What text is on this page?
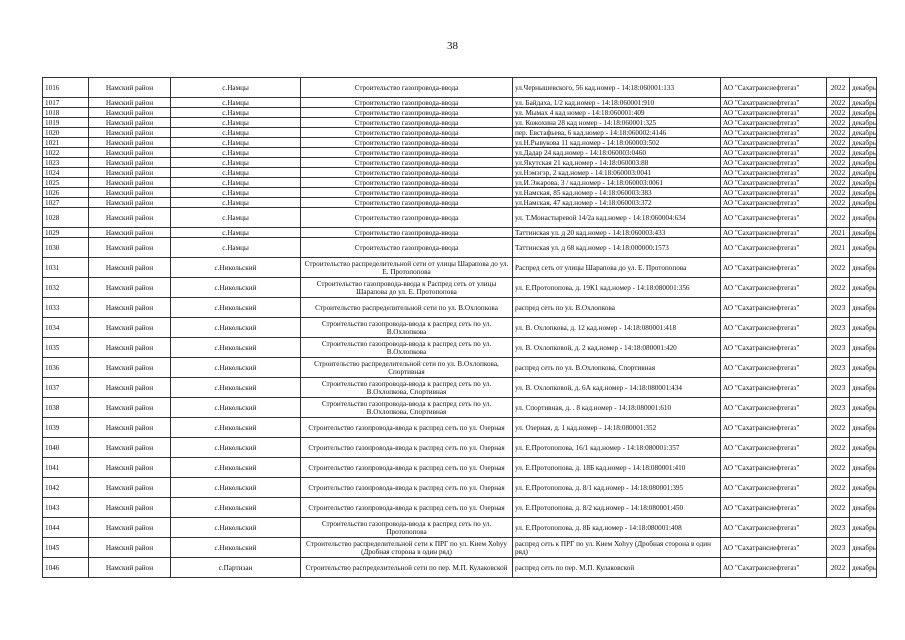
38
1016	Намский район	с.Намцы	Строительство газопровода-ввода	ул.Чернышевского, 56 кад.номер - 14:18:060001:133	АО "Сахатранснефтегаз"	2022	декабрь
1017	Намский район	с.Намцы	Строительство газопровода-ввода	ул. Байдаха, 1/2 кад.номер - 14:18:060001:910	АО "Сахатранснефтегаз"	2022	декабрь
1018	Намский район	с.Намцы	Строительство газопровода-ввода	ул. Мымах 4 кад номер - 14:18:060001:409	АО "Сахатранснефтегаз"	2022	декабрь
1019	Намский район	с.Намцы	Строительство газопровода-ввода	ул. Кожохина 28 кад номер - 14:18:060001:325	АО "Сахатранснефтегаз"	2022	декабрь
1020	Намский район	с.Намцы	Строительство газопровода-ввода	пер. Евстафьева, 6 кад.номер - 14:18:060002:4146	АО "Сахатранснефтегаз"	2022	декабрь
1021	Намский район	с.Намцы	Строительство газопровода-ввода	ул.Н.Рывукова 11 кад.номер - 14:18:060003:502	АО "Сахатранснефтегаз"	2022	декабрь
1022	Намский район	с.Намцы	Строительство газопровода-ввода	ул.Дадар 24 кад.номер - 14:18:060003:0460	АО "Сахатранснефтегаз"	2022	декабрь
1023	Намский район	с.Намцы	Строительство газопровода-ввода	ул.Якутская 21 кад.номер - 14:18:060003:88	АО "Сахатранснефтегаз"	2022	декабрь
1024	Намский район	с.Намцы	Строительство газопровода-ввода	ул.Нэмэгэр, 2 кад.номер - 14:18:060003:0041	АО "Сахатранснефтегаз"	2022	декабрь
1025	Намский район	с.Намцы	Строительство газопровода-ввода	ул.И.Эжарова, 3 / кад.номер - 14:18:060003:0061	АО "Сахатранснефтегаз"	2022	декабрь
1026	Намский район	с.Намцы	Строительство газопровода-ввода	ул.Намская, 85 кад.номер - 14:18:060003:383	АО "Сахатранснефтегаз"	2022	декабрь
1027	Намский район	с.Намцы	Строительство газопровода-ввода	ул.Намская, 47 кад.номер - 14:18:060003:372	АО "Сахатранснефтегаз"	2022	декабрь
1028	Намский район	с.Намцы	Строительство газопровода-ввода	ул. Т.Монастыревой 14/2а кад.номер - 14:18:060004:634	АО "Сахатранснефтегаз"	2022	декабрь
1029	Намский район	с.Намцы	Строительство газопровода-ввода	Таттинская ул. д 20 кад.номер - 14:18:060003:433	АО "Сахатранснефтегаз"	2021	декабрь
1030	Намский район	с.Намцы	Строительство газопровода-ввода	Таттинская ул. д 68 кад.номер - 14:18:000000:1573	АО "Сахатранснефтегаз"	2021	декабрь
1031	Намский район	с.Никольский	Строительство распределительной сети от улицы Шарапова до ул. Е. Протопопова	Распред сеть от улицы Шарапова до ул. Е. Протопопова	АО "Сахатранснефтегаз"	2022	декабрь
1032	Намский район	с.Никольский	Строительство газопровода-ввода к Распред сеть от улицы Шарапова до ул. Е. Протопопова	ул. Е.Протопопова, д. 19К1 кад.номер - 14:18:080001:356	АО "Сахатранснефтегаз"	2022	декабрь
1033	Намский район	с.Никольский	Строительство распределительной сети по ул. В.Охлопкова	распред сеть по ул. В.Охлопкова	АО "Сахатранснефтегаз"	2023	декабрь
1034	Намский район	с.Никольский	Строительство газопровода-ввода к распред сеть по ул. В.Охлопкова	ул. В. Охлопкова, д. 12 кад.номер - 14:18:080001:418	АО "Сахатранснефтегаз"	2023	декабрь
1035	Намский район	с.Никольский	Строительство газопровода-ввода к распред сеть по ул. В.Охлопкова	ул. В. Охлопковой, д. 2 кад.номер - 14:18:080001:420	АО "Сахатранснефтегаз"	2023	декабрь
1036	Намский район	с.Никольский	Строительство распределительной сети по ул. В.Охлопкова, Спортивная	распред сеть по ул. В.Охлопкова, Спортивная	АО "Сахатранснефтегаз"	2023	декабрь
1037	Намский район	с.Никольский	Строительство газопровода-ввода к распред сеть по ул. В.Охлопкова, Спортивная	ул. В. Охлопковой, д. 6А кад.номер - 14:18:080001:434	АО "Сахатранснефтегаз"	2023	декабрь
1038	Намский район	с.Никольский	Строительство газопровода-ввода к распред сеть по ул. В.Охлопкова, Спортивная	ул. Спортивная, д. . 8 кад.номер - 14:18:080001:610	АО "Сахатранснефтегаз"	2023	декабрь
1039	Намский район	с.Никольский	Строительство газопровода-ввода к распред сеть по ул. Озерная	ул. Озерная, д. 1 кад.номер - 14:18:080001:352	АО "Сахатранснефтегаз"	2022	декабрь
1040	Намский район	с.Никольский	Строительство газопровода-ввода к распред сеть по ул. Озерная	ул. Е.Протопопова, 16/1 кад.номер - 14:18:080001:357	АО "Сахатранснефтегаз"	2022	декабрь
1041	Намский район	с.Никольский	Строительство газопровода-ввода к распред сеть по ул. Озерная	ул. Е.Протопопова, д. 18Б кад.номер - 14:18:080001:410	АО "Сахатранснефтегаз"	2022	декабрь
1042	Намский район	с.Никольский	Строительство газопровода-ввода к распред сеть по ул. Озерная	ул. Е.Протопопова, д. 8/1 кад.номер - 14:18:080001:395	АО "Сахатранснефтегаз"	2022	декабрь
1043	Намский район	с.Никольский	Строительство газопровода-ввода к распред сеть по ул. Озерная	ул. Е.Протопопова, д. 8/2 кад.номер - 14:18:080001:450	АО "Сахатранснефтегаз"	2022	декабрь
1044	Намский район	с.Никольский	Строительство газопровода-ввода к распред сеть по ул. Протопопова	ул. Е.Протопопова, д. 8Б кад.номер - 14:18:080001:408	АО "Сахатранснефтегаз"	2023	декабрь
1045	Намский район	с.Никольский	Строительство распределительной сети к ПРГ по ул. Кием Хоhуу (Дробная сторона в один ряд)	распред сеть к ПРГ по ул. Кием Хоhуу (Дробная сторона в один ряд)	АО "Сахатранснефтегаз"	2023	декабрь
1046	Намский район	с.Партизан	Строительство распределительной сети по пер. М.П. Кулаковской	распред сеть по пер. М.П. Кулаковской	АО "Сахатранснефтегаз"	2022	декабрь
